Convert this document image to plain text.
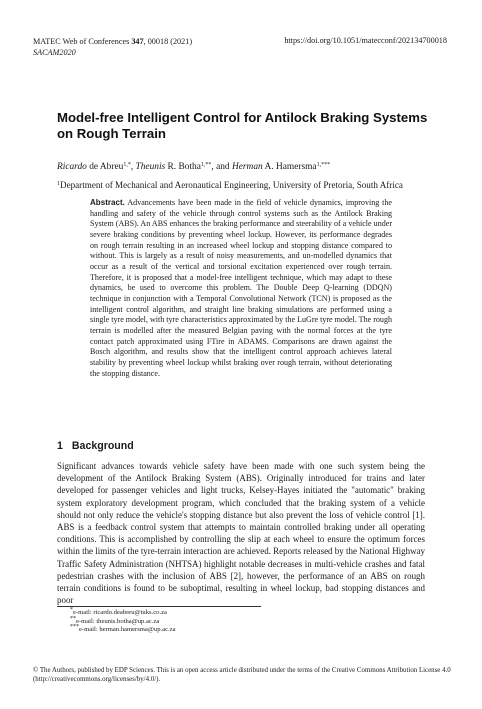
MATEC Web of Conferences 347, 00018 (2021)
SACAM2020
https://doi.org/10.1051/matecconf/202134700018
Model-free Intelligent Control for Antilock Braking Systems on Rough Terrain
Ricardo de Abreu$^{1,*}$, Theunis R. Botha$^{1,**}$, and Herman A. Hamersma$^{1,***}$
$^1$Department of Mechanical and Aeronautical Engineering, University of Pretoria, South Africa
Abstract. Advancements have been made in the field of vehicle dynamics, improving the handling and safety of the vehicle through control systems such as the Antilock Braking System (ABS). An ABS enhances the braking performance and steerability of a vehicle under severe braking conditions by preventing wheel lockup. However, its performance degrades on rough terrain resulting in an increased wheel lockup and stopping distance compared to without. This is largely as a result of noisy measurements, and un-modelled dynamics that occur as a result of the vertical and torsional excitation experienced over rough terrain. Therefore, it is proposed that a model-free intelligent technique, which may adapt to these dynamics, be used to overcome this problem. The Double Deep Q-learning (DDQN) technique in conjunction with a Temporal Convolutional Network (TCN) is proposed as the intelligent control algorithm, and straight line braking simulations are performed using a single tyre model, with tyre characteristics approximated by the LuGre tyre model. The rough terrain is modelled after the measured Belgian paving with the normal forces at the tyre contact patch approximated using FTire in ADAMS. Comparisons are drawn against the Bosch algorithm, and results show that the intelligent control approach achieves lateral stability by preventing wheel lockup whilst braking over rough terrain, without deteriorating the stopping distance.
1 Background
Significant advances towards vehicle safety have been made with one such system being the development of the Antilock Braking System (ABS). Originally introduced for trains and later developed for passenger vehicles and light trucks, Kelsey-Hayes initiated the "automatic" braking system exploratory development program, which concluded that the braking system of a vehicle should not only reduce the vehicle's stopping distance but also prevent the loss of vehicle control [1]. ABS is a feedback control system that attempts to maintain controlled braking under all operating conditions. This is accomplished by controlling the slip at each wheel to ensure the optimum forces within the limits of the tyre-terrain interaction are achieved. Reports released by the National Highway Traffic Safety Administration (NHTSA) highlight notable decreases in multi-vehicle crashes and fatal pedestrian crashes with the inclusion of ABS [2], however, the performance of an ABS on rough terrain conditions is found to be suboptimal, resulting in wheel lockup, bad stopping distances and poor
*e-mail: ricardo.deabreu@tuks.co.za
**e-mail: theunis.botha@up.ac.za
***e-mail: herman.hamersma@up.ac.za
© The Authors, published by EDP Sciences. This is an open access article distributed under the terms of the Creative Commons Attribution License 4.0 (http://creativecommons.org/licenses/by/4.0/).
